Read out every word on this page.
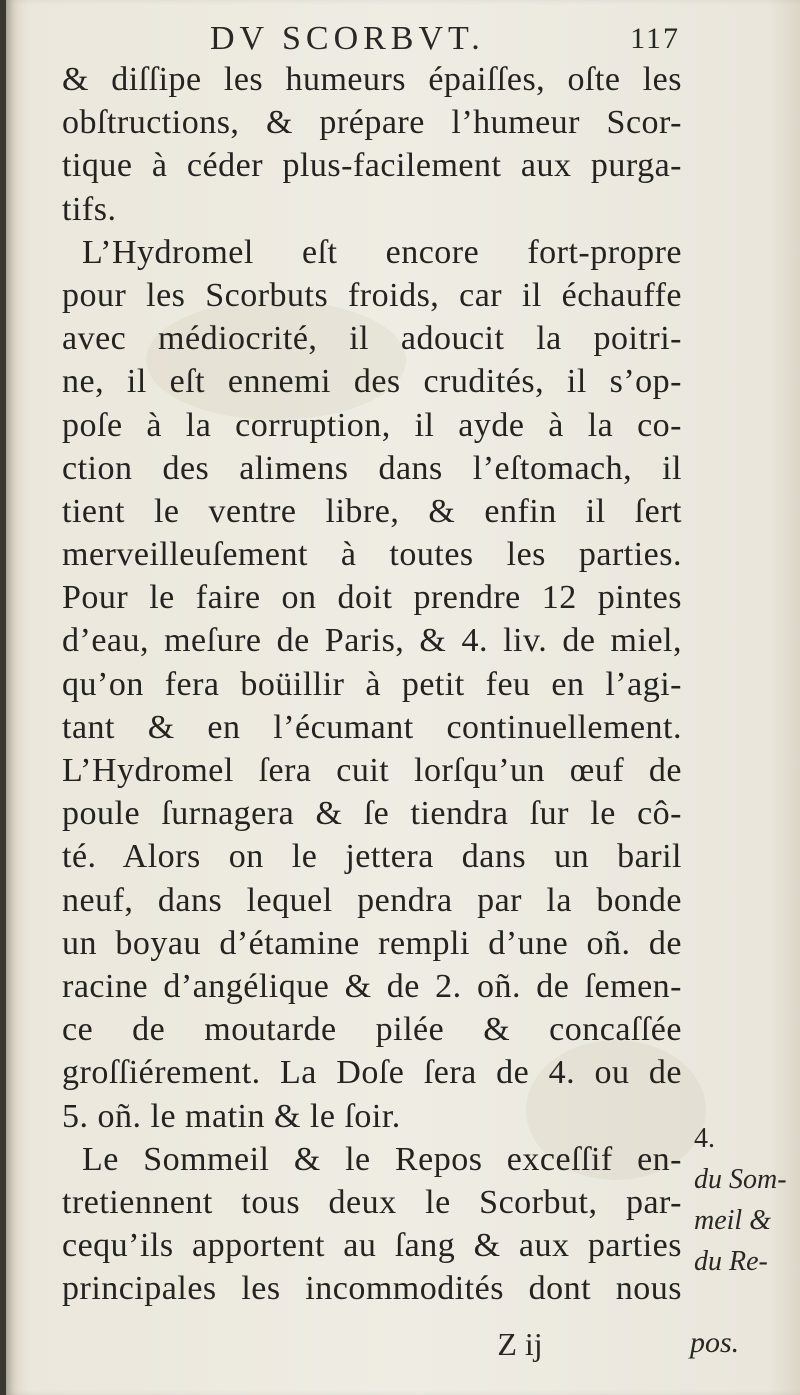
DV SCORBVT.	117
& diſſipe les humeurs épaiſſes, oſte les
obſtructions, & prépare l’humeur Scor-
tique à céder plus-facilement aux purga-
tifs.
L’Hydromel eſt encore fort-propre
pour les Scorbuts froids, car il échauffe
avec médiocrité, il adoucit la poitri-
ne, il eſt ennemi des crudités, il s’op-
poſe à la corruption, il ayde à la co-
ction des alimens dans l’eſtomach, il
tient le ventre libre, & enfin il ſert
merveilleuſement à toutes les parties.
Pour le faire on doit prendre 12 pintes
d’eau, meſure de Paris, & 4. liv. de miel,
qu’on fera boüillir à petit feu en l’agi-
tant & en l’écumant continuellement.
L’Hydromel ſera cuit lorſqu’un œuf de
poule ſurnagera & ſe tiendra ſur le cô-
té. Alors on le jettera dans un baril
neuf, dans lequel pendra par la bonde
un boyau d’étamine rempli d’une oñ. de
racine d’angélique & de 2. oñ. de ſemen-
ce de moutarde pilée & concaſſée
groſſiérement. La Doſe ſera de 4. ou de
5. oñ. le matin & le ſoir.
Le Sommeil & le Repos exceſſif en-
tretiennent tous deux le Scorbut, par-
cequ’ils apportent au ſang & aux parties
principales les incommodités dont nous
4.
du Som-
meil &
du Re-
Z ij	pos.
